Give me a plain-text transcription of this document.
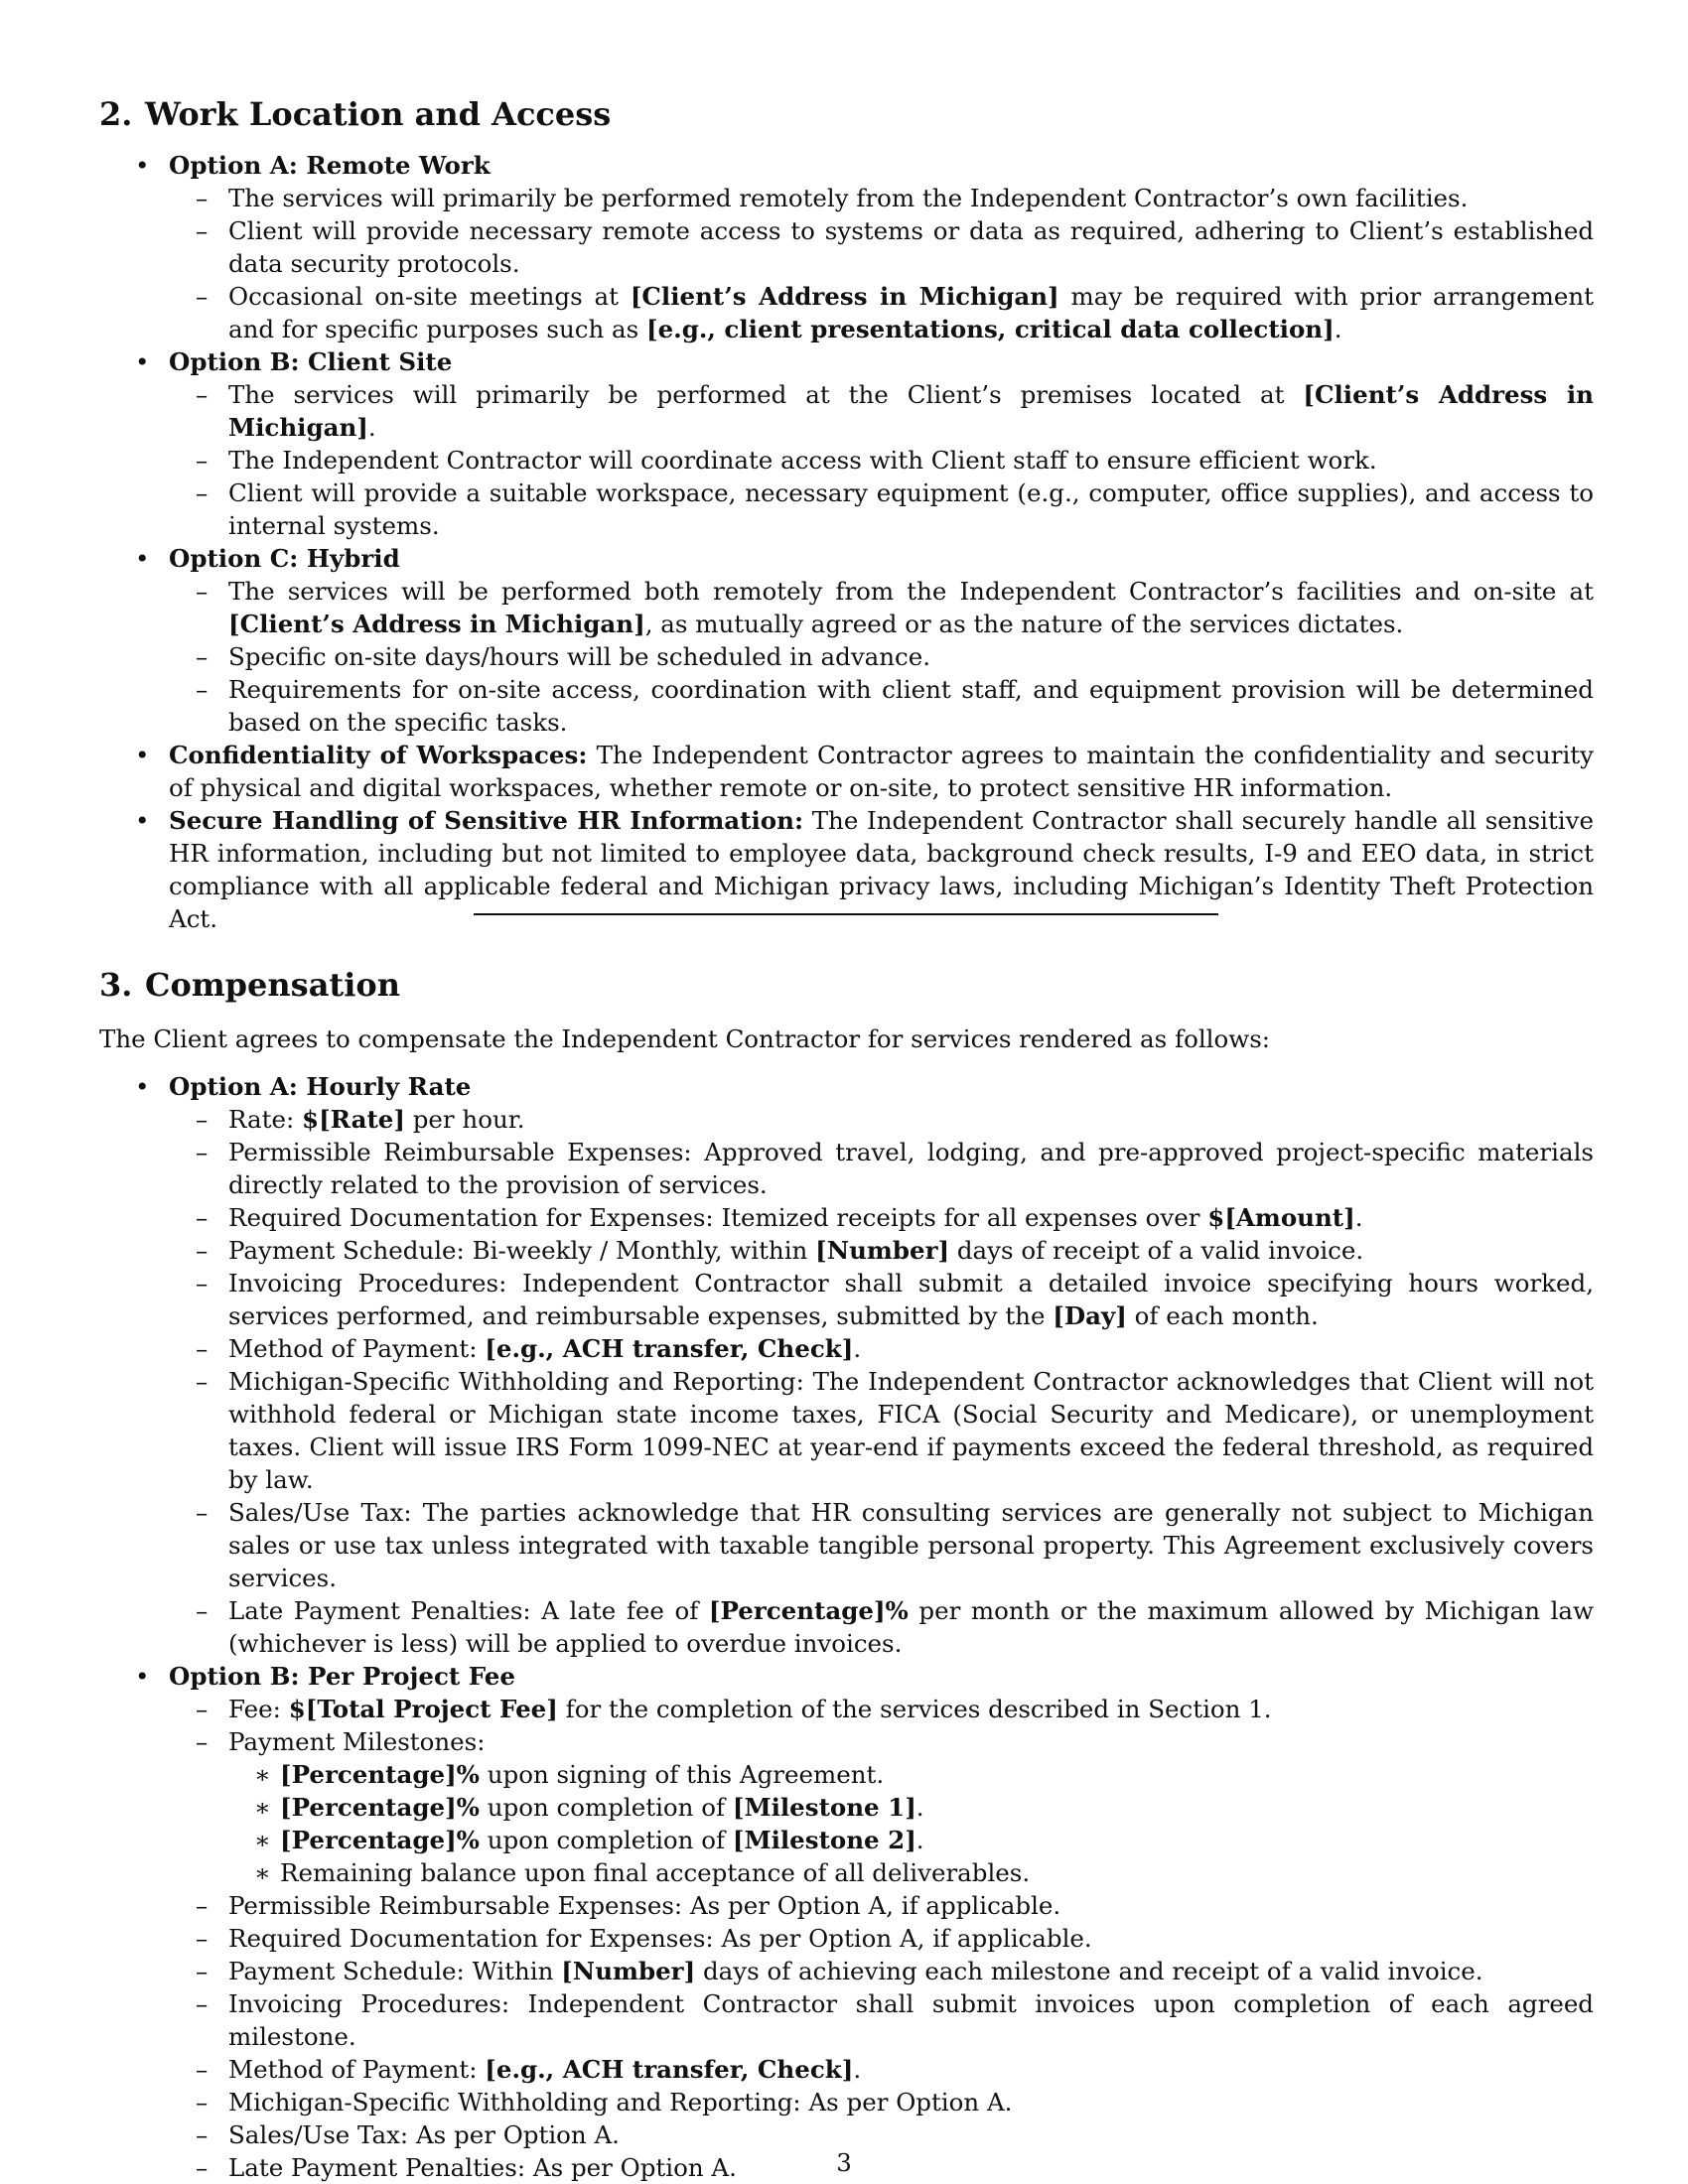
2. Work Location and Access
• Option A: Remote Work
– The services will primarily be performed remotely from the Independent Contractor’s own facilities.
– Client will provide necessary remote access to systems or data as required, adhering to Client’s established data security protocols.
– Occasional on-site meetings at [Client’s Address in Michigan] may be required with prior arrangement and for specific purposes such as [e.g., client presentations, critical data collection].
• Option B: Client Site
– The services will primarily be performed at the Client’s premises located at [Client’s Address in Michigan].
– The Independent Contractor will coordinate access with Client staff to ensure efficient work.
– Client will provide a suitable workspace, necessary equipment (e.g., computer, office supplies), and access to internal systems.
• Option C: Hybrid
– The services will be performed both remotely from the Independent Contractor’s facilities and on-site at [Client’s Address in Michigan], as mutually agreed or as the nature of the services dictates.
– Specific on-site days/hours will be scheduled in advance.
– Requirements for on-site access, coordination with client staff, and equipment provision will be determined based on the specific tasks.
• Confidentiality of Workspaces: The Independent Contractor agrees to maintain the confidentiality and security of physical and digital workspaces, whether remote or on-site, to protect sensitive HR information.
• Secure Handling of Sensitive HR Information: The Independent Contractor shall securely handle all sensitive HR information, including but not limited to employee data, background check results, I-9 and EEO data, in strict compliance with all applicable federal and Michigan privacy laws, including Michigan’s Identity Theft Protection Act.
3. Compensation
The Client agrees to compensate the Independent Contractor for services rendered as follows:
• Option A: Hourly Rate
– Rate: $[Rate] per hour.
– Permissible Reimbursable Expenses: Approved travel, lodging, and pre-approved project-specific materials directly related to the provision of services.
– Required Documentation for Expenses: Itemized receipts for all expenses over $[Amount].
– Payment Schedule: Bi-weekly / Monthly, within [Number] days of receipt of a valid invoice.
– Invoicing Procedures: Independent Contractor shall submit a detailed invoice specifying hours worked, services performed, and reimbursable expenses, submitted by the [Day] of each month.
– Method of Payment: [e.g., ACH transfer, Check].
– Michigan-Specific Withholding and Reporting: The Independent Contractor acknowledges that Client will not withhold federal or Michigan state income taxes, FICA (Social Security and Medicare), or unemployment taxes. Client will issue IRS Form 1099-NEC at year-end if payments exceed the federal threshold, as required by law.
– Sales/Use Tax: The parties acknowledge that HR consulting services are generally not subject to Michigan sales or use tax unless integrated with taxable tangible personal property. This Agreement exclusively covers services.
– Late Payment Penalties: A late fee of [Percentage]% per month or the maximum allowed by Michigan law (whichever is less) will be applied to overdue invoices.
• Option B: Per Project Fee
– Fee: $[Total Project Fee] for the completion of the services described in Section 1.
– Payment Milestones:
∗ [Percentage]% upon signing of this Agreement.
∗ [Percentage]% upon completion of [Milestone 1].
∗ [Percentage]% upon completion of [Milestone 2].
∗ Remaining balance upon final acceptance of all deliverables.
– Permissible Reimbursable Expenses: As per Option A, if applicable.
– Required Documentation for Expenses: As per Option A, if applicable.
– Payment Schedule: Within [Number] days of achieving each milestone and receipt of a valid invoice.
– Invoicing Procedures: Independent Contractor shall submit invoices upon completion of each agreed milestone.
– Method of Payment: [e.g., ACH transfer, Check].
– Michigan-Specific Withholding and Reporting: As per Option A.
– Sales/Use Tax: As per Option A.
– Late Payment Penalties: As per Option A.	3
